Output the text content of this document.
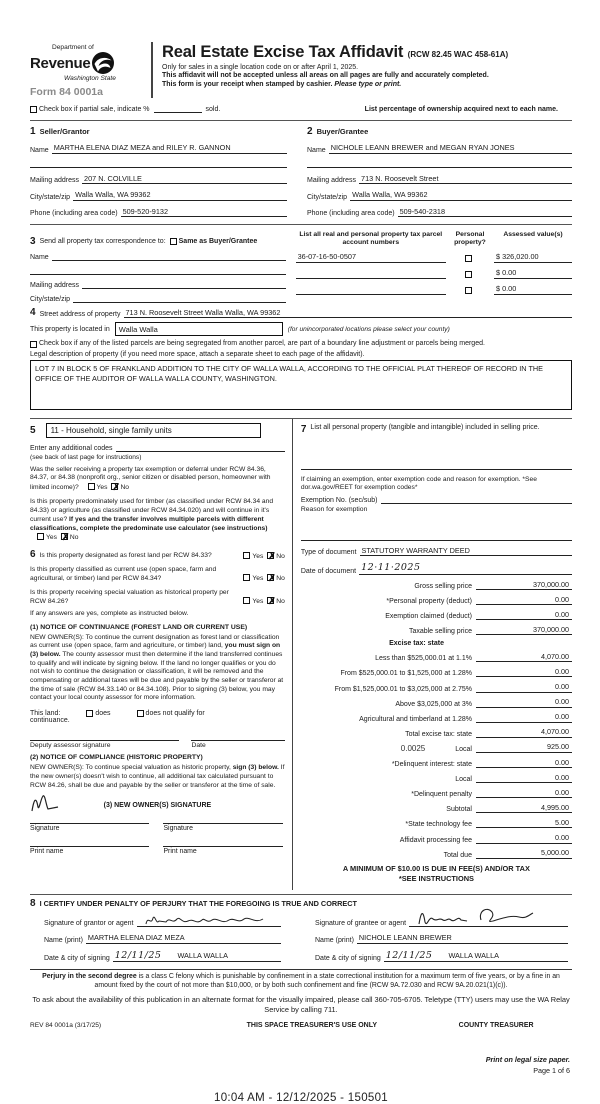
Department of
Revenue
Washington State
Form 84 0001a
Real Estate Excise Tax Affidavit (RCW 82.45 WAC 458-61A)
Only for sales in a single location code on or after April 1, 2025.
This affidavit will not be accepted unless all areas on all pages are fully and accurately completed.
This form is your receipt when stamped by cashier. Please type or print.
Check box if partial sale, indicate %	sold.	List percentage of ownership acquired next to each name.
1 Seller/Grantor
Name MARTHA ELENA DIAZ MEZA and RILEY R. GANNON
Mailing address 207 N. COLVILLE
City/state/zip Walla Walla, WA 99362
Phone (including area code) 509-520-9132
2 Buyer/Grantee
Name NICHOLE LEANN BREWER and MEGAN RYAN JONES
Mailing address 713 N. Roosevelt Street
City/state/zip Walla Walla, WA 99362
Phone (including area code) 509-540-2318
3 Send all property tax correspondence to: Same as Buyer/Grantee
Name
Mailing address
City/state/zip
List all real and personal property tax parcel account numbers
Personal property?
Assessed value(s)
36-07-16-50-0507	$ 326,020.00
$ 0.00
$ 0.00
4 Street address of property 713 N. Roosevelt Street Walla Walla, WA 99362
This property is located in	Walla Walla	(for unincorporated locations please select your county)
Check box if any of the listed parcels are being segregated from another parcel, are part of a boundary line adjustment or parcels being merged.
Legal description of property (if you need more space, attach a separate sheet to each page of the affidavit).
LOT 7 IN BLOCK 5 OF FRANKLAND ADDITION TO THE CITY OF WALLA WALLA, ACCORDING TO THE OFFICIAL PLAT THEREOF OF RECORD IN THE OFFICE OF THE AUDITOR OF WALLA WALLA COUNTY, WASHINGTON.
5	11 - Household, single family units
Enter any additional codes
(see back of last page for instructions)
Was the seller receiving a property tax exemption or deferral under RCW 84.36, 84.37, or 84.38 (nonprofit org., senior citizen or disabled person, homeowner with limited income)?	Yes ✗No
Is this property predominately used for timber (as classified under RCW 84.34 and 84.33) or agriculture (as classified under RCW 84.34.020) and will continue in it's current use? If yes and the transfer involves multiple parcels with different classifications, complete the predominate use calculator (see instructions) Yes ✗No
6 Is this property designated as forest land per RCW 84.33?	Yes ✗No
Is this property classified as current use (open space, farm and agricultural, or timber) land per RCW 84.34?	Yes ✗No
Is this property receiving special valuation as historical property per RCW 84.26?	Yes ✗No
If any answers are yes, complete as instructed below.
(1) NOTICE OF CONTINUANCE (FOREST LAND OR CURRENT USE)
NEW OWNER(S): To continue the current designation as forest land or classification as current use (open space, farm and agriculture, or timber) land, you must sign on (3) below. The county assessor must then determine if the land transferred continues to qualify and will indicate by signing below. If the land no longer qualifies or you do not wish to continue the designation or classification, it will be removed and the compensating or additional taxes will be due and payable by the seller or transferor at the time of sale (RCW 84.33.140 or 84.34.108). Prior to signing (3) below, you may contact your local county assessor for more information.
This land:	does	does not qualify for
continuance.
Deputy assessor signature	Date
(2) NOTICE OF COMPLIANCE (HISTORIC PROPERTY)
NEW OWNER(S): To continue special valuation as historic property, sign (3) below. If the new owner(s) doesn't wish to continue, all additional tax calculated pursuant to RCW 84.26, shall be due and payable by the seller or transferor at the time of sale.
(3) NEW OWNER(S) SIGNATURE
Signature	Signature
Print name	Print name
7 List all personal property (tangible and intangible) included in selling price.
If claiming an exemption, enter exemption code and reason for exemption. *See dor.wa.gov/REET for exemption codes*
Exemption No. (sec/sub)
Reason for exemption
Type of document STATUTORY WARRANTY DEED
Date of document 12·11·2025
Gross selling price	370,000.00
*Personal property (deduct)	0.00
Exemption claimed (deduct)	0.00
Taxable selling price	370,000.00
Excise tax: state
Less than $525,000.01 at 1.1%	4,070.00
From $525,000.01 to $1,525,000 at 1.28%	0.00
From $1,525,000.01 to $3,025,000 at 2.75%	0.00
Above $3,025,000 at 3%	0.00
Agricultural and timberland at 1.28%	0.00
Total excise tax: state	4,070.00
0.0025	Local	925.00
*Delinquent interest: state	0.00
Local	0.00
*Delinquent penalty	0.00
Subtotal	4,995.00
*State technology fee	5.00
Affidavit processing fee	0.00
Total due	5,000.00
A MINIMUM OF $10.00 IS DUE IN FEE(S) AND/OR TAX
*SEE INSTRUCTIONS
8 I CERTIFY UNDER PENALTY OF PERJURY THAT THE FOREGOING IS TRUE AND CORRECT
Signature of grantor or agent
Name (print) MARTHA ELENA DIAZ MEZA
Date & city of signing 12/11/25 WALLA WALLA
Signature of grantee or agent
Name (print) NICHOLE LEANN BREWER
Date & city of signing 12/11/25 WALLA WALLA
Perjury in the second degree is a class C felony which is punishable by confinement in a state correctional institution for a maximum term of five years, or by a fine in an amount fixed by the court of not more than $10,000, or by both such confinement and fine (RCW 9A.72.030 and RCW 9A.20.021(1)(c)).
To ask about the availability of this publication in an alternate format for the visually impaired, please call 360-705-6705. Teletype (TTY) users may use the WA Relay Service by calling 711.
REV 84 0001a (3/17/25)	THIS SPACE TREASURER'S USE ONLY	COUNTY TREASURER
Print on legal size paper.
Page 1 of 6
10:04 AM - 12/12/2025 - 150501
